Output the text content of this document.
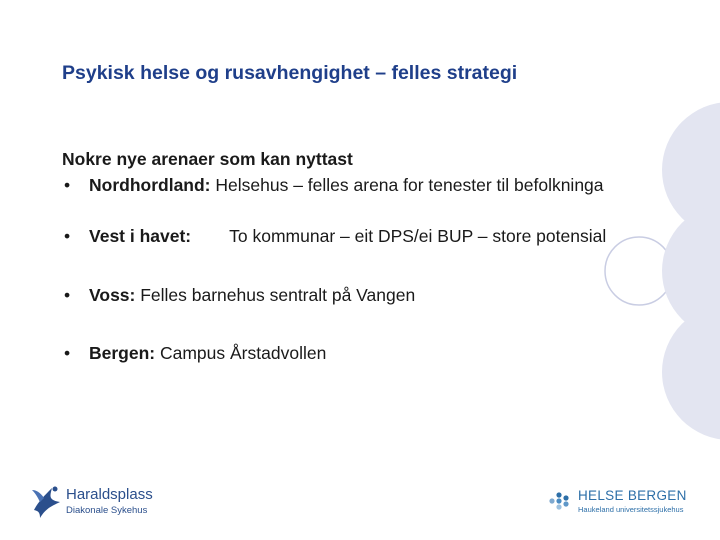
Psykisk helse og rusavhengighet – felles strategi
Nokre nye arenaer som kan nyttast
• Nordhordland: Helsehus – felles arena for tenester til befolkninga
• Vest i havet: To kommunar – eit DPS/ei BUP – store potensial
• Voss: Felles barnehus sentralt på Vangen
• Bergen: Campus Årstadvollen
Haraldsplass
Diakonale Sykehus
HELSE BERGEN
Haukeland universitetssjukehus
